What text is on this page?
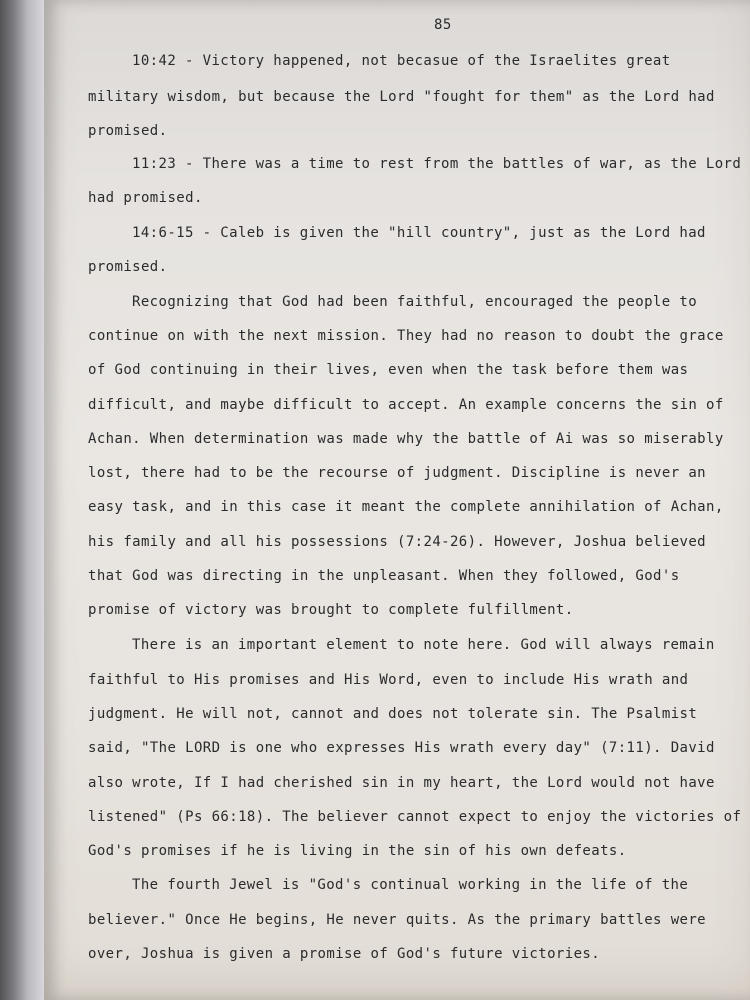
85
10:42 - Victory happened, not becasue of the Israelites great
military wisdom, but because the Lord "fought for them" as the Lord had
promised.
11:23 - There was a time to rest from the battles of war, as the Lord
had promised.
14:6-15 - Caleb is given the "hill country", just as the Lord had
promised.
Recognizing that God had been faithful, encouraged the people to
continue on with the next mission. They had no reason to doubt the grace
of God continuing in their lives, even when the task before them was
difficult, and maybe difficult to accept. An example concerns the sin of
Achan. When determination was made why the battle of Ai was so miserably
lost, there had to be the recourse of judgment. Discipline is never an
easy task, and in this case it meant the complete annihilation of Achan,
his family and all his possessions (7:24-26). However, Joshua believed
that God was directing in the unpleasant. When they followed, God's
promise of victory was brought to complete fulfillment.
There is an important element to note here. God will always remain
faithful to His promises and His Word, even to include His wrath and
judgment. He will not, cannot and does not tolerate sin. The Psalmist
said, "The LORD is one who expresses His wrath every day" (7:11). David
also wrote, If I had cherished sin in my heart, the Lord would not have
listened" (Ps 66:18). The believer cannot expect to enjoy the victories of
God's promises if he is living in the sin of his own defeats.
The fourth Jewel is "God's continual working in the life of the
believer." Once He begins, He never quits. As the primary battles were
over, Joshua is given a promise of God's future victories.
